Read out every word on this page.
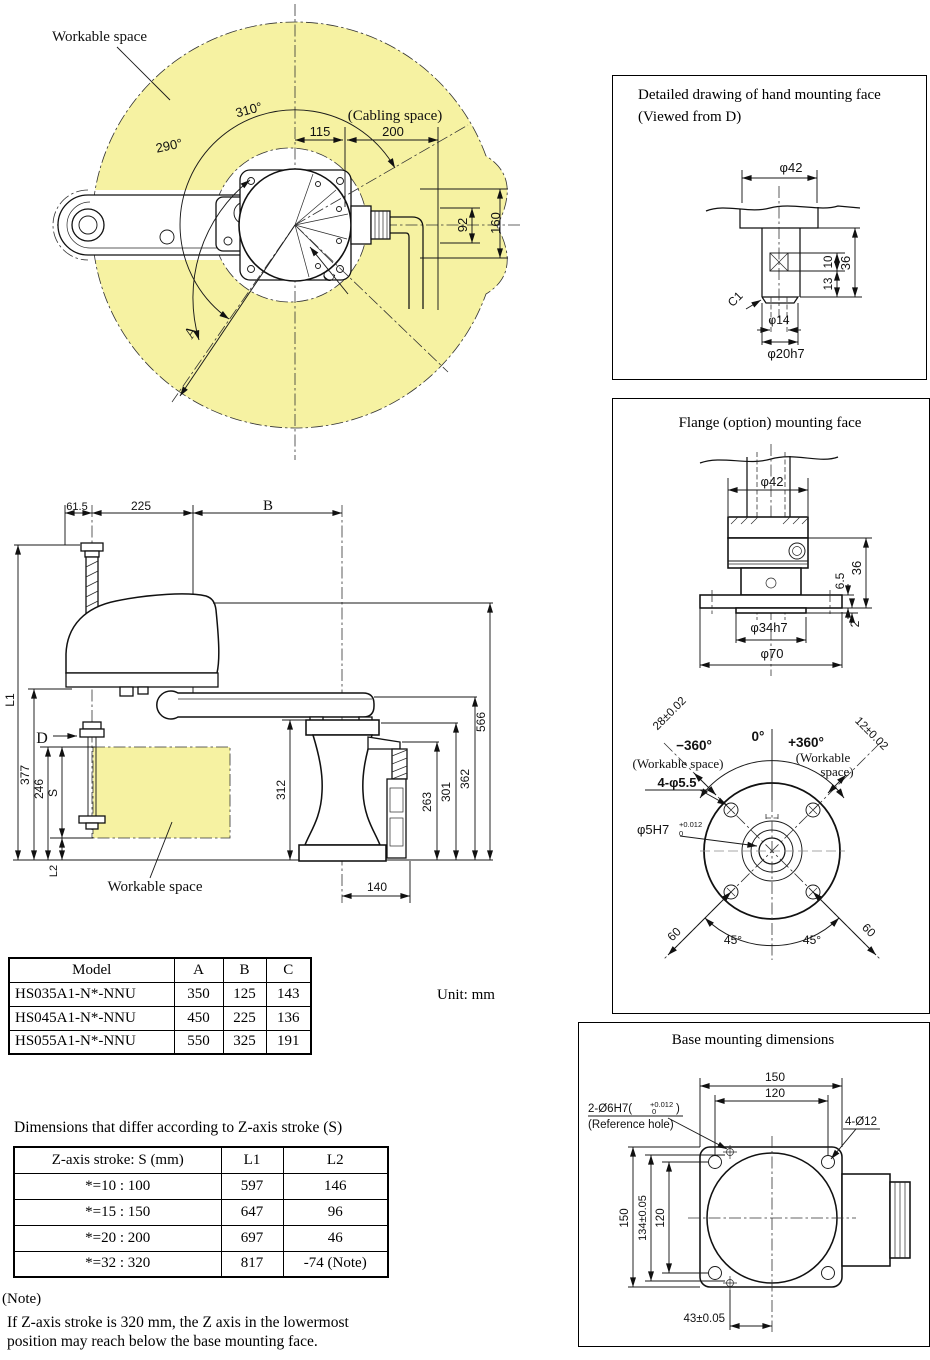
Workable space
310°
290°
(Cabling space)
115	200
92 160
A
C
61.5	225	B
L1
377
246 S
L2
D
Workable space
312
263 301
362
566
140
φ42
φ14
φ20h7
C1
10
13
36
φ42
6.5
36
2
φ34h7
φ70
28±0.02
12±0.02
−360°
0° +360°
(Workable space)	(Workable
space)
4-φ5.5
φ5H7 +0.012
0
60	60
45°	45°
150
120
2-Ø6H7( +0.012
0 )
(Reference hole)	4-Ø12
150 134±0.05 120
43±0.05
Detailed drawing of hand mounting face (Viewed from D)
Flange (option) mounting face
Base mounting dimensions
Model	A	B	C
HS035A1-N*-NNU	350	125	143
HS045A1-N*-NNU	450	225	136
HS055A1-N*-NNU	550	325	191
Unit: mm
Dimensions that differ according to Z-axis stroke (S)
Z-axis stroke: S (mm)	L1	L2
*=10 : 100	597	146
*=15 : 150	647	96
*=20 : 200	697	46
*=32 : 320	817	-74 (Note)
(Note)
If Z-axis stroke is 320 mm, the Z axis in the lowermost
position may reach below the base mounting face.
